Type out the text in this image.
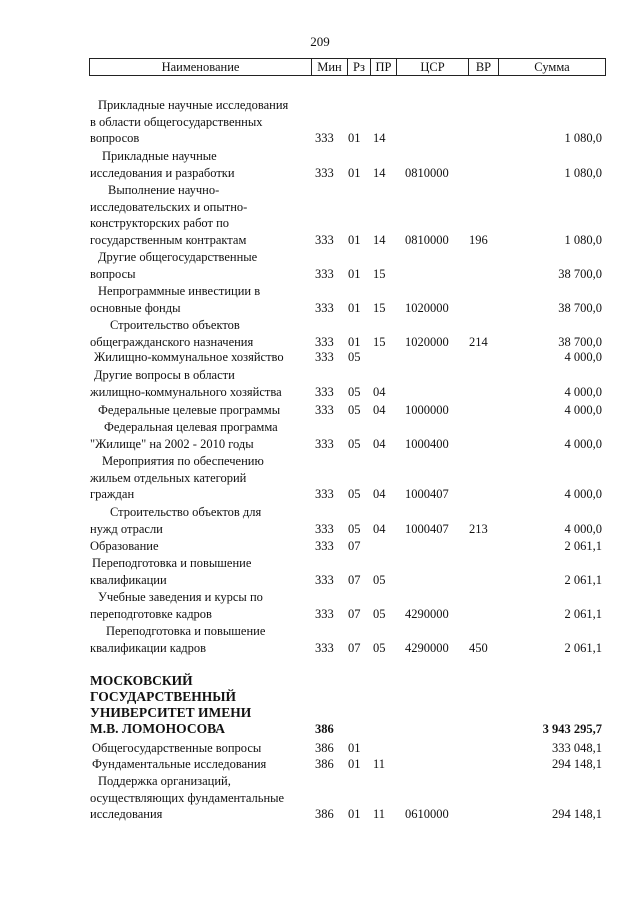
209
Наименование	Мин Рз ПР	ЦСР	ВР	Сумма
Прикладные научные исследования
в области общегосударственных
вопросов	333 01 14	1 080,0
Прикладные научные
исследования и разработки	333 01 14 0810000	1 080,0
Выполнение научно-
исследовательских и опытно-
конструкторских работ по
государственным контрактам	333 01 14 0810000 196	1 080,0
Другие общегосударственные
вопросы	333 01 15	38 700,0
Непрограммные инвестиции в
основные фонды	333 01 15 1020000	38 700,0
Строительство объектов
общегражданского назначения	333 01 15 1020000 214	38 700,0
Жилищно-коммунальное хозяйство	333 05	4 000,0
Другие вопросы в области
жилищно-коммунального хозяйства	333 05 04	4 000,0
Федеральные целевые программы	333 05 04 1000000	4 000,0
Федеральная целевая программа
"Жилище" на 2002 - 2010 годы	333 05 04 1000400	4 000,0
Мероприятия по обеспечению
жильем отдельных категорий
граждан	333 05 04 1000407	4 000,0
Строительство объектов для
нужд отрасли	333 05 04 1000407 213	4 000,0
Образование	333 07	2 061,1
Переподготовка и повышение
квалификации	333 07 05	2 061,1
Учебные заведения и курсы по
переподготовке кадров	333 07 05 4290000	2 061,1
Переподготовка и повышение
квалификации кадров	333 07 05 4290000 450	2 061,1
МОСКОВСКИЙ
ГОСУДАРСТВЕННЫЙ
УНИВЕРСИТЕТ ИМЕНИ
М.В. ЛОМОНОСОВА	386	3 943 295,7
Общегосударственные вопросы	386 01	333 048,1
Фундаментальные исследования	386 01 11	294 148,1
Поддержка организаций,
осуществляющих фундаментальные
исследования	386 01 11 0610000	294 148,1
